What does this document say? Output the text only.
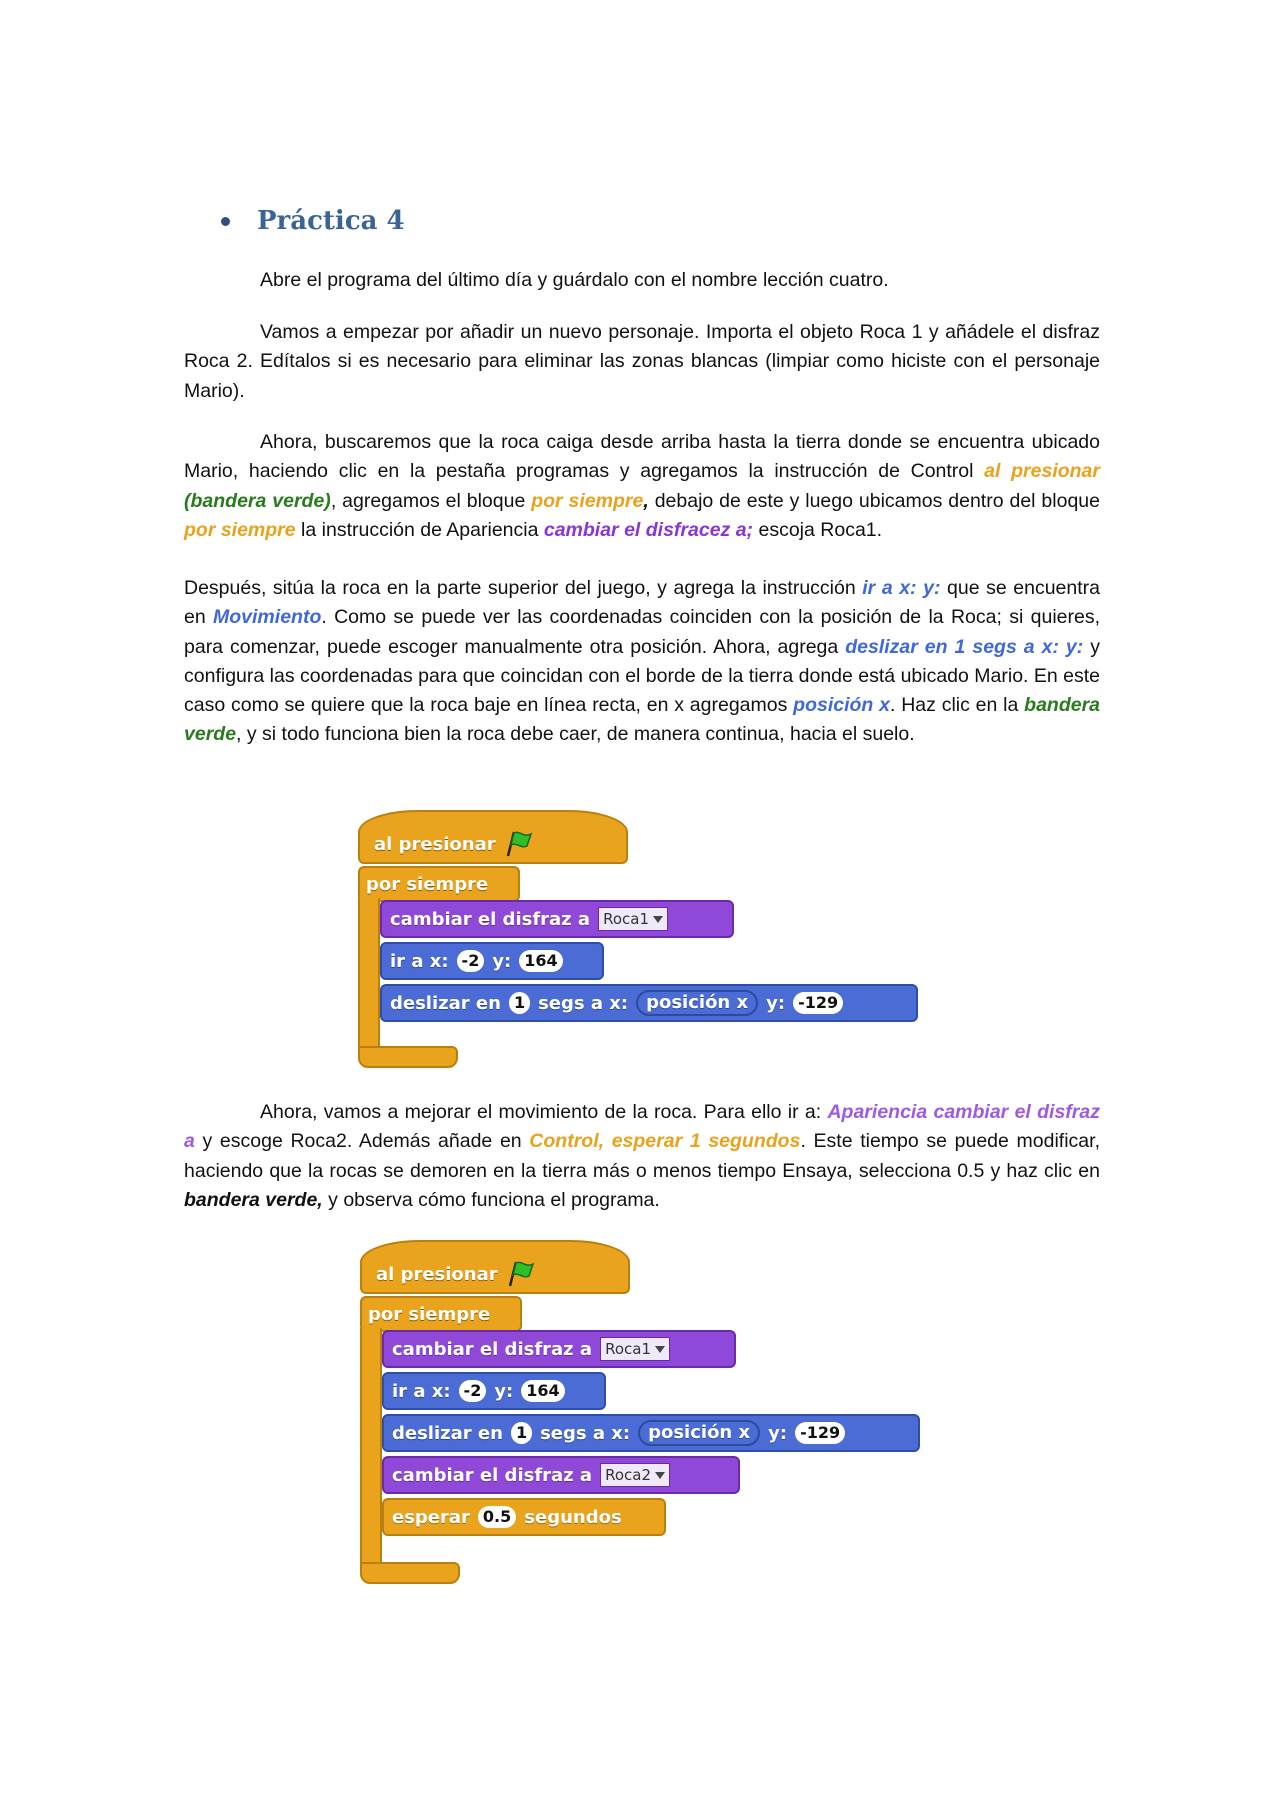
Práctica 4

Abre el programa del último día y guárdalo con el nombre lección cuatro.

Vamos a empezar por añadir un nuevo personaje. Importa el objeto Roca 1 y añádele el disfraz Roca 2. Edítalos si es necesario para eliminar las zonas blancas (limpiar como hiciste con el personaje Mario).

Ahora, buscaremos que la roca caiga desde arriba hasta la tierra donde se encuentra ubicado Mario, haciendo clic en la pestaña programas y agregamos la instrucción de Control al presionar (bandera verde), agregamos el bloque por siempre, debajo de este y luego ubicamos dentro del bloque por siempre la instrucción de Apariencia cambiar el disfracez a; escoja Roca1.

Después, sitúa la roca en la parte superior del juego, y agrega la instrucción ir a x: y: que se encuentra en Movimiento. Como se puede ver las coordenadas coinciden con la posición de la Roca; si quieres, para comenzar, puede escoger manualmente otra posición. Ahora, agrega deslizar en 1 segs a x: y: y configura las coordenadas para que coincidan con el borde de la tierra donde está ubicado Mario. En este caso como se quiere que la roca baje en línea recta, en x agregamos posición x. Haz clic en la bandera verde, y si todo funciona bien la roca debe caer, de manera continua, hacia el suelo.

al presionar
por siempre
cambiar el disfraz a Roca1
ir a x: -2 y: 164
deslizar en 1 segs a x:	posición x	y: -129

Ahora, vamos a mejorar el movimiento de la roca. Para ello ir a: Apariencia cambiar el disfraz a y escoge Roca2. Además añade en Control, esperar 1 segundos. Este tiempo se puede modificar, haciendo que la rocas se demoren en la tierra más o menos tiempo Ensaya, selecciona 0.5 y haz clic en bandera verde, y observa cómo funciona el programa.

al presionar
por siempre
cambiar el disfraz a Roca1
ir a x: -2 y: 164
deslizar en 1 segs a x:	posición x	y: -129
cambiar el disfraz a Roca2
esperar 0.5 segundos
